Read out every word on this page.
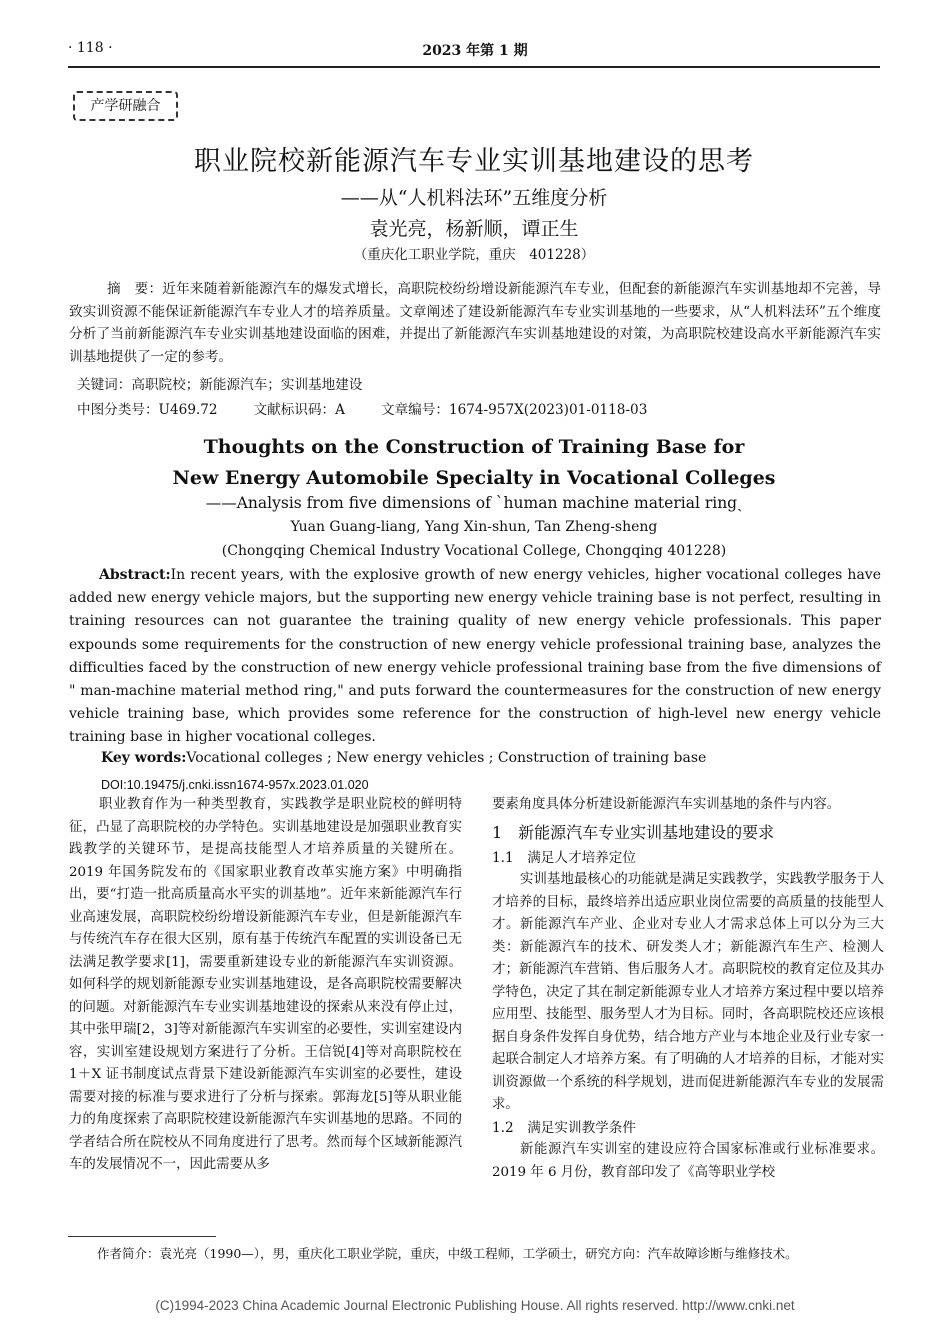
· 118 ·	2023 年第 1 期
产学研融合
职业院校新能源汽车专业实训基地建设的思考
——从“人机料法环”五维度分析
袁光亮，杨新顺，谭正生
（重庆化工职业学院，重庆　401228）
摘　要：近年来随着新能源汽车的爆发式增长，高职院校纷纷增设新能源汽车专业，但配套的新能源汽车实训基地却不完善，导致实训资源不能保证新能源汽车专业人才的培养质量。文章阐述了建设新能源汽车专业实训基地的一些要求，从“人机料法环”五个维度分析了当前新能源汽车专业实训基地建设面临的困难，并提出了新能源汽车实训基地建设的对策，为高职院校建设高水平新能源汽车实训基地提供了一定的参考。
关键词：高职院校；新能源汽车；实训基地建设
中图分类号：U469.72	文献标识码：A	文章编号：1674-957X(2023)01-0118-03
Thoughts on the Construction of Training Base for
New Energy Automobile Specialty in Vocational Colleges
——Analysis from five dimensions of ˋhuman machine material ringˎ
Yuan Guang-liang, Yang Xin-shun, Tan Zheng-sheng
(Chongqing Chemical Industry Vocational College, Chongqing 401228)
Abstract:In recent years, with the explosive growth of new energy vehicles, higher vocational colleges have added new energy vehicle majors, but the supporting new energy vehicle training base is not perfect, resulting in training resources can not guarantee the training quality of new energy vehicle professionals. This paper expounds some requirements for the construction of new energy vehicle professional training base, analyzes the difficulties faced by the construction of new energy vehicle professional training base from the five dimensions of " man-machine material method ring," and puts forward the countermeasures for the construction of new energy vehicle training base, which provides some reference for the construction of high-level new energy vehicle training base in higher vocational colleges.
Key words:Vocational colleges ; New energy vehicles ; Construction of training base
DOI:10.19475/j.cnki.issn1674-957x.2023.01.020
职业教育作为一种类型教育，实践教学是职业院校的鲜明特征，凸显了高职院校的办学特色。实训基地建设是加强职业教育实践教学的关键环节，是提高技能型人才培养质量的关键所在。2019 年国务院发布的《国家职业教育改革实施方案》中明确指出，要“打造一批高质量高水平实的训基地”。近年来新能源汽车行业高速发展，高职院校纷纷增设新能源汽车专业，但是新能源汽车与传统汽车存在很大区别，原有基于传统汽车配置的实训设备已无法满足教学要求[1]，需要重新建设专业的新能源汽车实训资源。如何科学的规划新能源专业实训基地建设，是各高职院校需要解决的问题。对新能源汽车专业实训基地建设的探索从来没有停止过，其中张甲瑞[2，3]等对新能源汽车实训室的必要性，实训室建设内容，实训室建设规划方案进行了分析。王信锐[4]等对高职院校在 1＋X 证书制度试点背景下建设新能源汽车实训室的必要性，建设需要对接的标准与要求进行了分析与探索。郭海龙[5]等从职业能力的角度探索了高职院校建设新能源汽车实训基地的思路。不同的学者结合所在院校从不同角度进行了思考。然而每个区域新能源汽车的发展情况不一，因此需要从多

要素角度具体分析建设新能源汽车实训基地的条件与内容。

1　新能源汽车专业实训基地建设的要求

1.1　满足人才培养定位

实训基地最核心的功能就是满足实践教学，实践教学服务于人才培养的目标，最终培养出适应职业岗位需要的高质量的技能型人才。新能源汽车产业、企业对专业人才需求总体上可以分为三大类：新能源汽车的技术、研发类人才；新能源汽车生产、检测人才；新能源汽车营销、售后服务人才。高职院校的教育定位及其办学特色，决定了其在制定新能源专业人才培养方案过程中要以培养应用型、技能型、服务型人才为目标。同时，各高职院校还应该根据自身条件发挥自身优势，结合地方产业与本地企业及行业专家一起联合制定人才培养方案。有了明确的人才培养的目标，才能对实训资源做一个系统的科学规划，进而促进新能源汽车专业的发展需求。

1.2　满足实训教学条件

新能源汽车实训室的建设应符合国家标准或行业标准要求。2019 年 6 月份，教育部印发了《高等职业学校

作者简介：袁光亮（1990—），男，重庆化工职业学院，重庆，中级工程师，工学硕士，研究方向：汽车故障诊断与维修技术。
(C)1994-2023 China Academic Journal Electronic Publishing House. All rights reserved. http://www.cnki.net
